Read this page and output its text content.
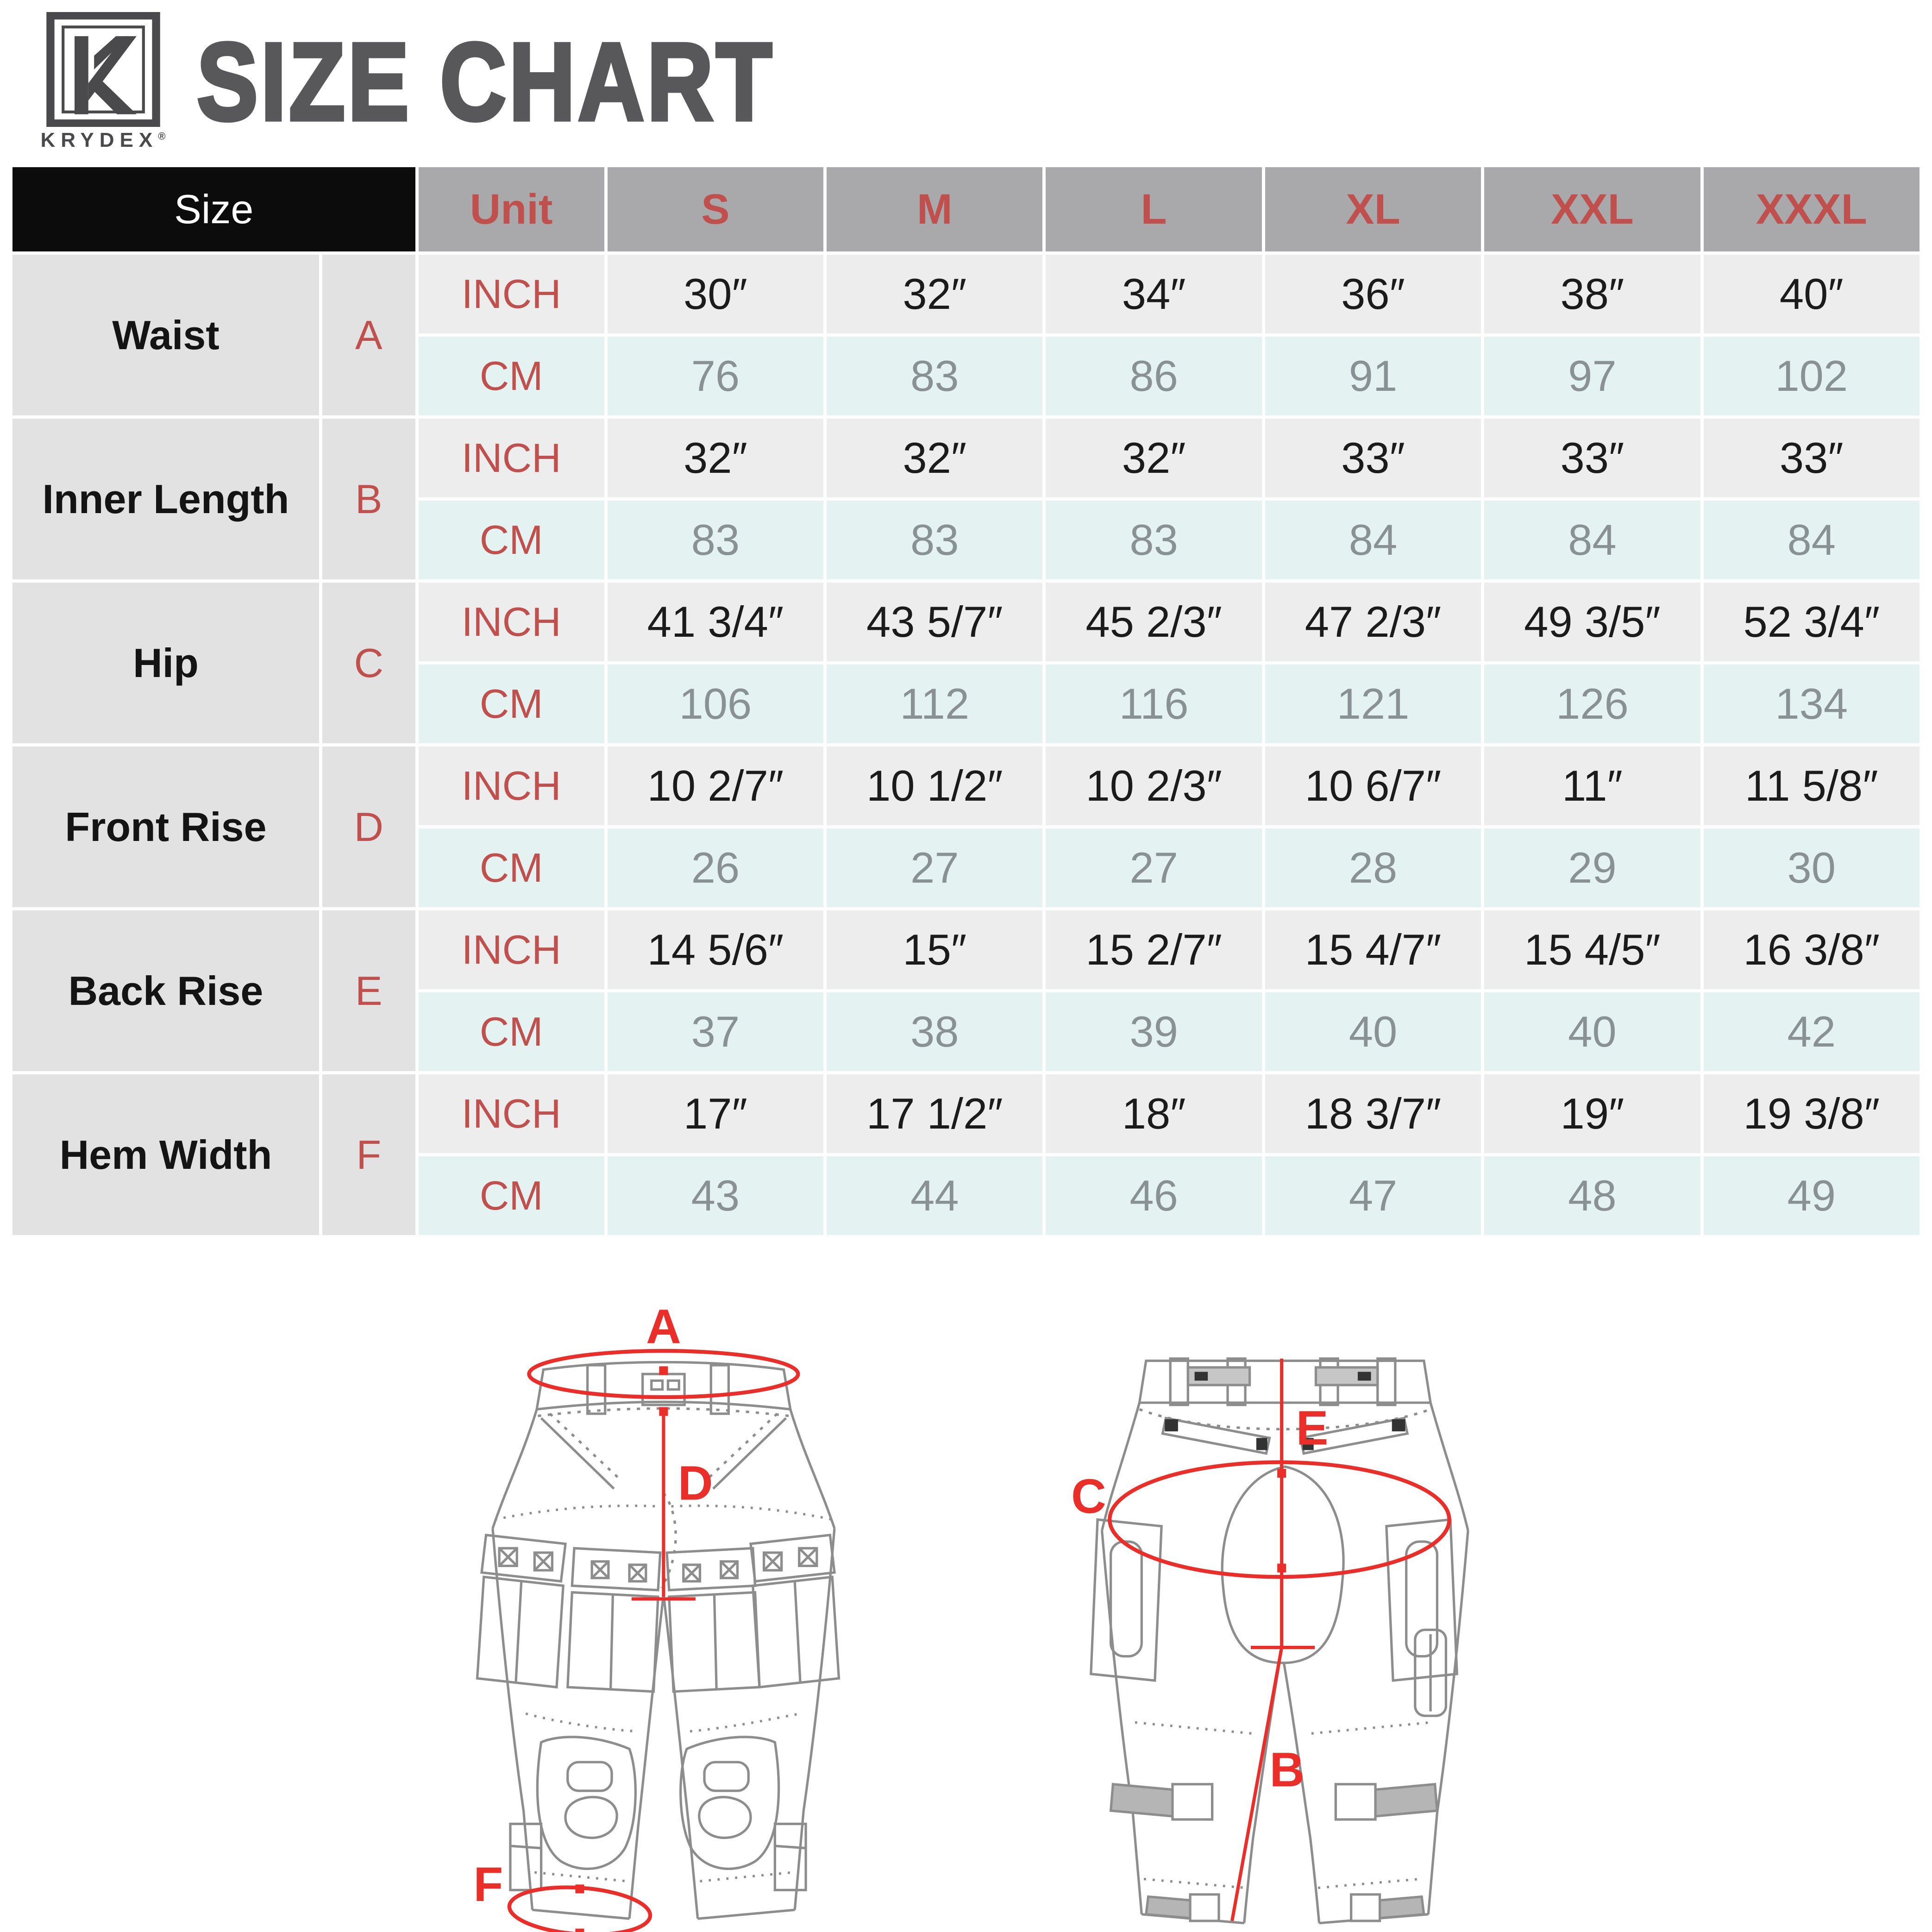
KRYDEX® SIZE CHART
Size		Unit	S	M	L	XL	XXL	XXXL
Waist	A	INCH	30″	32″	34″	36″	38″	40″
		CM	76	83	86	91	97	102
Inner Length	B	INCH	32″	32″	32″	33″	33″	33″
		CM	83	83	83	84	84	84
Hip	C	INCH	41 3/4″	43 5/7″	45 2/3″	47 2/3″	49 3/5″	52 3/4″
		CM	106	112	116	121	126	134
Front Rise	D	INCH	10 2/7″	10 1/2″	10 2/3″	10 6/7″	11″	11 5/8″
		CM	26	27	27	28	29	30
Back Rise	E	INCH	14 5/6″	15″	15 2/7″	15 4/7″	15 4/5″	16 3/8″
		CM	37	38	39	40	40	42
Hem Width	F	INCH	17″	17 1/2″	18″	18 3/7″	19″	19 3/8″
		CM	43	44	46	47	48	49
A
D
F
E
C
B
